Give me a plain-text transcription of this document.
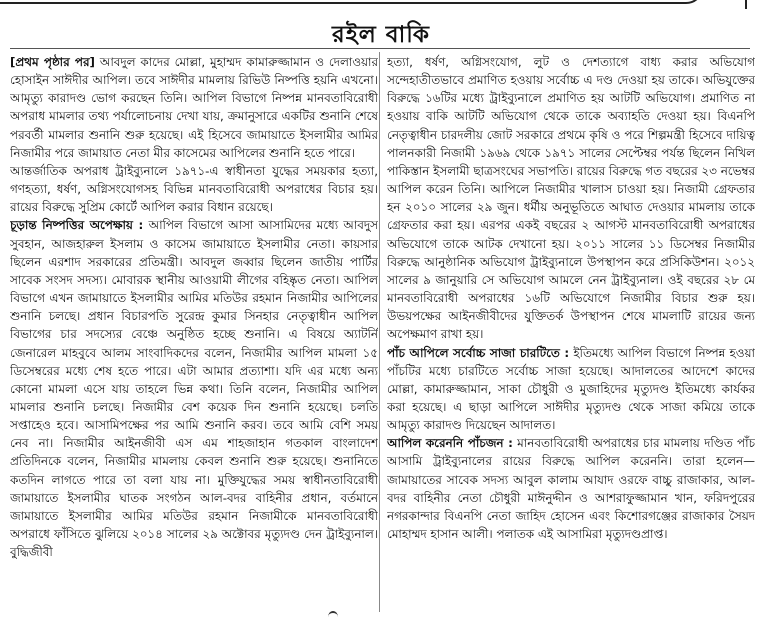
রইল বাকি

[প্রথম পৃষ্ঠার পর] আবদুল কাদের মোল্লা, মুহাম্মদ কামারুজ্জামান ও দেলাওয়ার হোসাইন সাঈদীর আপিল। তবে সাঈদীর মামলায় রিভিউ নিষ্পত্তি হয়নি এখনো। আমৃত্যু কারাদণ্ড ভোগ করছেন তিনি। আপিল বিভাগে নিষ্পন্ন মানবতাবিরোধী অপরাধ মামলার তথ্য পর্যালোচনায় দেখা যায়, ক্রমানুসারে একটির শুনানি শেষে পরবর্তী মামলার শুনানি শুরু হয়েছে। এই হিসেবে জামায়াতে ইসলামীর আমির নিজামীর পরে জামায়াত নেতা মীর কাসেমের আপিলের শুনানি হতে পারে।

আন্তর্জাতিক অপরাধ ট্রাইব্যুনালে ১৯৭১-এ স্বাধীনতা যুদ্ধের সময়কার হত্যা, গণহত্যা, ধর্ষণ, অগ্নিসংযোগসহ বিভিন্ন মানবতাবিরোধী অপরাধের বিচার হয়। রায়ের বিরুদ্ধে সুপ্রিম কোর্টে আপিল করার বিধান রয়েছে।

চূড়ান্ত নিষ্পত্তির অপেক্ষায় : আপিল বিভাগে আসা আসামিদের মধ্যে আবদুস সুবহান, আজহারুল ইসলাম ও কাসেম জামায়াতে ইসলামীর নেতা। কায়সার ছিলেন এরশাদ সরকারের প্রতিমন্ত্রী। আবদুল জব্বার ছিলেন জাতীয় পার্টির সাবেক সংসদ সদস্য। মোবারক স্থানীয় আওয়ামী লীগের বহিষ্কৃত নেতা। আপিল বিভাগে এখন জামায়াতে ইসলামীর আমির মতিউর রহমান নিজামীর আপিলের শুনানি চলছে। প্রধান বিচারপতি সুরেন্দ্র কুমার সিনহার নেতৃত্বাধীন আপিল বিভাগের চার সদস্যের বেঞ্চে অনুষ্ঠিত হচ্ছে শুনানি। এ বিষয়ে অ্যাটর্নি জেনারেল মাহবুবে আলম সাংবাদিকদের বলেন, নিজামীর আপিল মামলা ১৫ ডিসেম্বরের মধ্যে শেষ হতে পারে। এটা আমার প্রত্যাশা। যদি এর মধ্যে অন্য কোনো মামলা এসে যায় তাহলে ভিন্ন কথা। তিনি বলেন, নিজামীর আপিল মামলার শুনানি চলছে। নিজামীর বেশ কয়েক দিন শুনানি হয়েছে। চলতি সপ্তাহেও হবে। আসামিপক্ষের পর আমি শুনানি করব। তবে আমি বেশি সময় নেব না। নিজামীর আইনজীবী এস এম শাহজাহান গতকাল বাংলাদেশ প্রতিদিনকে বলেন, নিজামীর মামলায় কেবল শুনানি শুরু হয়েছে। শুনানিতে কতদিন লাগতে পারে তা বলা যায় না। মুক্তিযুদ্ধের সময় স্বাধীনতাবিরোধী জামায়াতে ইসলামীর ঘাতক সংগঠন আল-বদর বাহিনীর প্রধান, বর্তমানে জামায়াতে ইসলামীর আমির মতিউর রহমান নিজামীকে মানবতাবিরোধী অপরাধে ফাঁসিতে ঝুলিয়ে ২০১৪ সালের ২৯ অক্টোবর মৃত্যুদণ্ড দেন ট্রাইব্যুনাল। বুদ্ধিজীবী

হত্যা, ধর্ষণ, অগ্নিসংযোগ, লুট ও দেশত্যাগে বাধ্য করার অভিযোগ সন্দেহাতীতভাবে প্রমাণিত হওয়ায় সর্বোচ্চ এ দণ্ড দেওয়া হয় তাকে। অভিযুক্তের বিরুদ্ধে ১৬টির মধ্যে ট্রাইব্যুনালে প্রমাণিত হয় আটটি অভিযোগ। প্রমাণিত না হওয়ায় বাকি আটটি অভিযোগ থেকে তাকে অব্যাহতি দেওয়া হয়। বিএনপি নেতৃত্বাধীন চারদলীয় জোট সরকারে প্রথমে কৃষি ও পরে শিল্পমন্ত্রী হিসেবে দায়িত্ব পালনকারী নিজামী ১৯৬৯ থেকে ১৯৭১ সালের সেপ্টেম্বর পর্যন্ত ছিলেন নিখিল পাকিস্তান ইসলামী ছাত্রসংঘের সভাপতি। রায়ের বিরুদ্ধে গত বছরের ২৩ নভেম্বর আপিল করেন তিনি। আপিলে নিজামীর খালাস চাওয়া হয়। নিজামী গ্রেফতার হন ২০১০ সালের ২৯ জুন। ধর্মীয় অনুভূতিতে আঘাত দেওয়ার মামলায় তাকে গ্রেফতার করা হয়। এরপর একই বছরের ২ আগস্ট মানবতাবিরোধী অপরাধের অভিযোগে তাকে আটক দেখানো হয়। ২০১১ সালের ১১ ডিসেম্বর নিজামীর বিরুদ্ধে আনুষ্ঠানিক অভিযোগ ট্রাইব্যুনালে উপস্থাপন করে প্রসিকিউশন। ২০১২ সালের ৯ জানুয়ারি সে অভিযোগ আমলে নেন ট্রাইব্যুনাল। ওই বছরের ২৮ মে মানবতাবিরোধী অপরাধের ১৬টি অভিযোগে নিজামীর বিচার শুরু হয়। উভয়পক্ষের আইনজীবীদের যুক্তিতর্ক উপস্থাপন শেষে মামলাটি রায়ের জন্য অপেক্ষমাণ রাখা হয়।

পাঁচ আপিলে সর্বোচ্চ সাজা চারটিতে : ইতিমধ্যে আপিল বিভাগে নিষ্পন্ন হওয়া পাঁচটির মধ্যে চারটিতে সর্বোচ্চ সাজা হয়েছে। আদালতের আদেশে কাদের মোল্লা, কামারুজ্জামান, সাকা চৌধুরী ও মুজাহিদের মৃত্যুদণ্ড ইতিমধ্যে কার্যকর করা হয়েছে। এ ছাড়া আপিলে সাঈদীর মৃত্যুদণ্ড থেকে সাজা কমিয়ে তাকে আমৃত্যু কারাদণ্ড দিয়েছেন আদালত।

আপিল করেননি পাঁচজন : মানবতাবিরোধী অপরাধের চার মামলায় দণ্ডিত পাঁচ আসামি ট্রাইব্যুনালের রায়ের বিরুদ্ধে আপিল করেননি। তারা হলেন— জামায়াতের সাবেক সদস্য আবুল কালাম আযাদ ওরফে বাচ্চু রাজাকার, আল-বদর বাহিনীর নেতা চৌধুরী মাঈনুদ্দীন ও আশরাফুজ্জামান খান, ফরিদপুরের নগরকান্দার বিএনপি নেতা জাহিদ হোসেন এবং কিশোরগঞ্জের রাজাকার সৈয়দ মোহাম্মদ হাসান আলী। পলাতক এই আসামিরা মৃত্যুদণ্ডপ্রাপ্ত।
